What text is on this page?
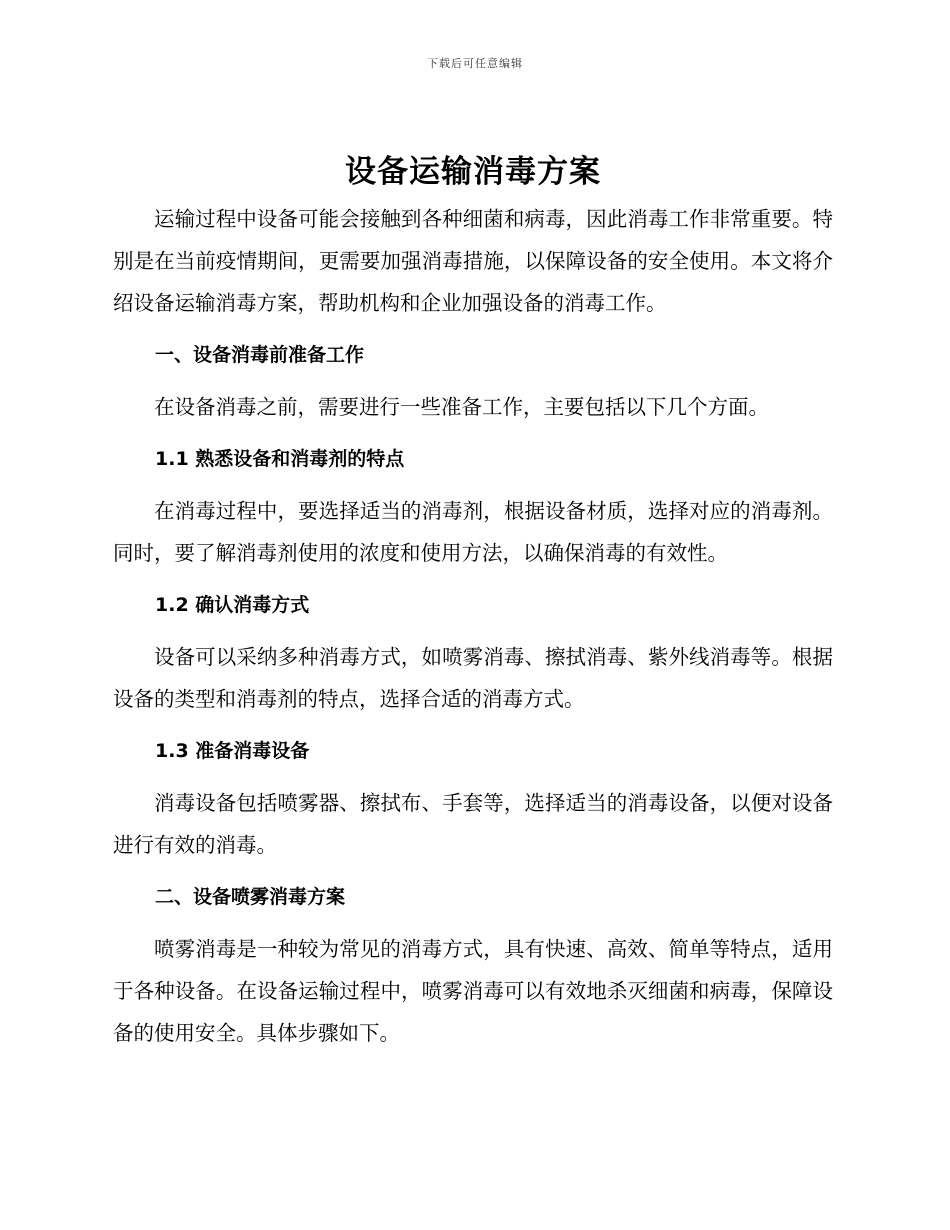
下载后可任意编辑
设备运输消毒方案

运输过程中设备可能会接触到各种细菌和病毒，因此消毒工作非常重要。特别是在当前疫情期间，更需要加强消毒措施，以保障设备的安全使用。本文将介绍设备运输消毒方案，帮助机构和企业加强设备的消毒工作。

一、设备消毒前准备工作

在设备消毒之前，需要进行一些准备工作，主要包括以下几个方面。

1.1 熟悉设备和消毒剂的特点

在消毒过程中，要选择适当的消毒剂，根据设备材质，选择对应的消毒剂。同时，要了解消毒剂使用的浓度和使用方法，以确保消毒的有效性。

1.2 确认消毒方式

设备可以采纳多种消毒方式，如喷雾消毒、擦拭消毒、紫外线消毒等。根据设备的类型和消毒剂的特点，选择合适的消毒方式。

1.3 准备消毒设备

消毒设备包括喷雾器、擦拭布、手套等，选择适当的消毒设备，以便对设备进行有效的消毒。

二、设备喷雾消毒方案

喷雾消毒是一种较为常见的消毒方式，具有快速、高效、简单等特点，适用于各种设备。在设备运输过程中，喷雾消毒可以有效地杀灭细菌和病毒，保障设备的使用安全。具体步骤如下。
